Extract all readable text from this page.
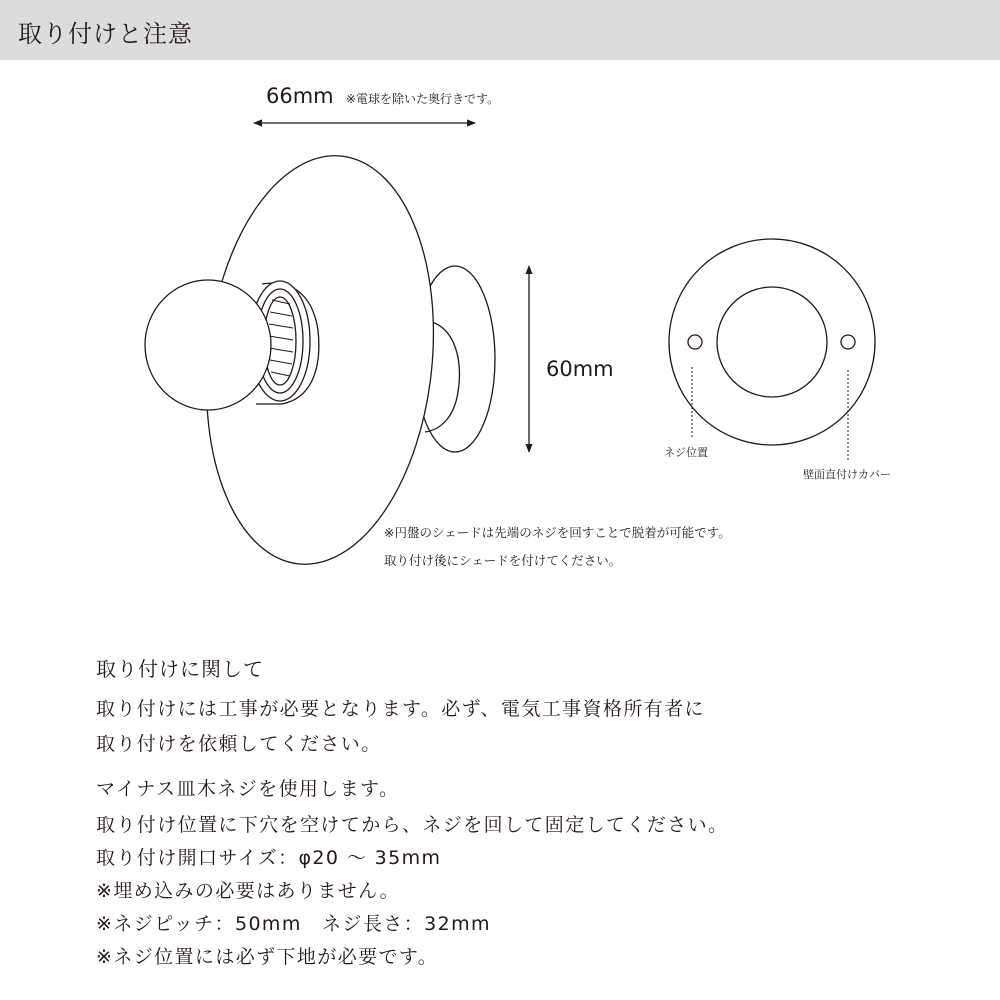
取り付けと注意
66mm ※電球を除いた奥行きです。
60mm
ネジ位置
壁面直付けカバー
※円盤のシェードは先端のネジを回すことで脱着が可能です。
取り付け後にシェードを付けてください。
取り付けに関して
取り付けには工事が必要となります。必ず、電気工事資格所有者に
取り付けを依頼してください。
マイナス皿木ネジを使用します。
取り付け位置に下穴を空けてから、ネジを回して固定してください。
取り付け開口サイズ：φ20 〜 35mm
※埋め込みの必要はありません。
※ネジピッチ：50mm　ネジ長さ：32mm
※ネジ位置には必ず下地が必要です。
